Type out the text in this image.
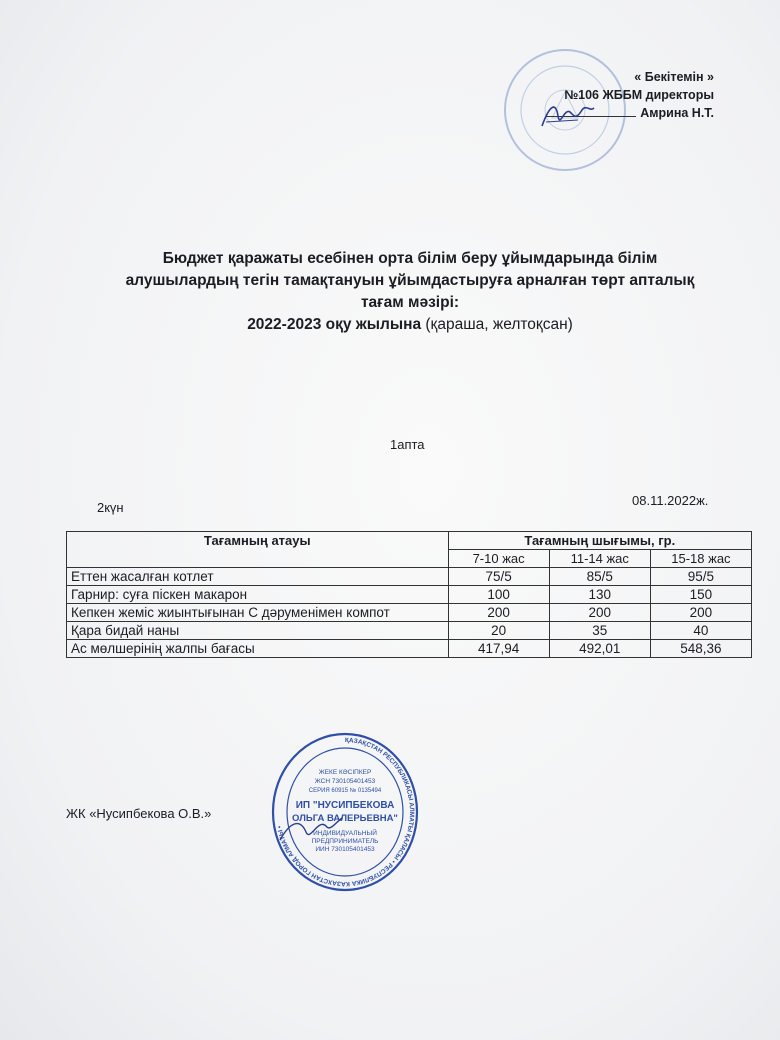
« Бекітемін »
№106 ЖББМ директоры
Амрина Н.Т.
Бюджет қаражаты есебінен орта білім беру ұйымдарында білім
алушылардың тегін тамақтануын ұйымдастыруға арналған төрт апталық
тағам мәзірі:
2022-2023 оқу жылына (қараша, желтоқсан)
1апта
2күн	08.11.2022ж.
Тағамның атауы	Тағамның шығымы, гр.		
	7-10 жас	11-14 жас	15-18 жас
Еттен жасалған котлет	75/5	85/5	95/5
Гарнир: суға піскен макарон	100	130	150
Кепкен жеміс жиынтығынан С дәруменімен компот	200	200	200
Қара бидай наны	20	35	40
Ас мөлшерінің жалпы бағасы	417,94	492,01	548,36
ЖК «Нусипбекова О.В.»
ҚАЗАҚСТАН РЕСПУБЛИКАСЫ АЛМАТЫ ҚАЛАСЫ • РЕСПУБЛИКА КАЗАХСТАН ГОРОД АЛМАТЫ •
ЖЕКЕ КӘСІПКЕР
ЖСН 730105401453
СЕРИЯ 60915 № 0135494
ИП "НУСИПБЕКОВА
ОЛЬГА ВАЛЕРЬЕВНА"
ИНДИВИДУАЛЬНЫЙ
ПРЕДПРИНИМАТЕЛЬ
ИИН 730105401453
